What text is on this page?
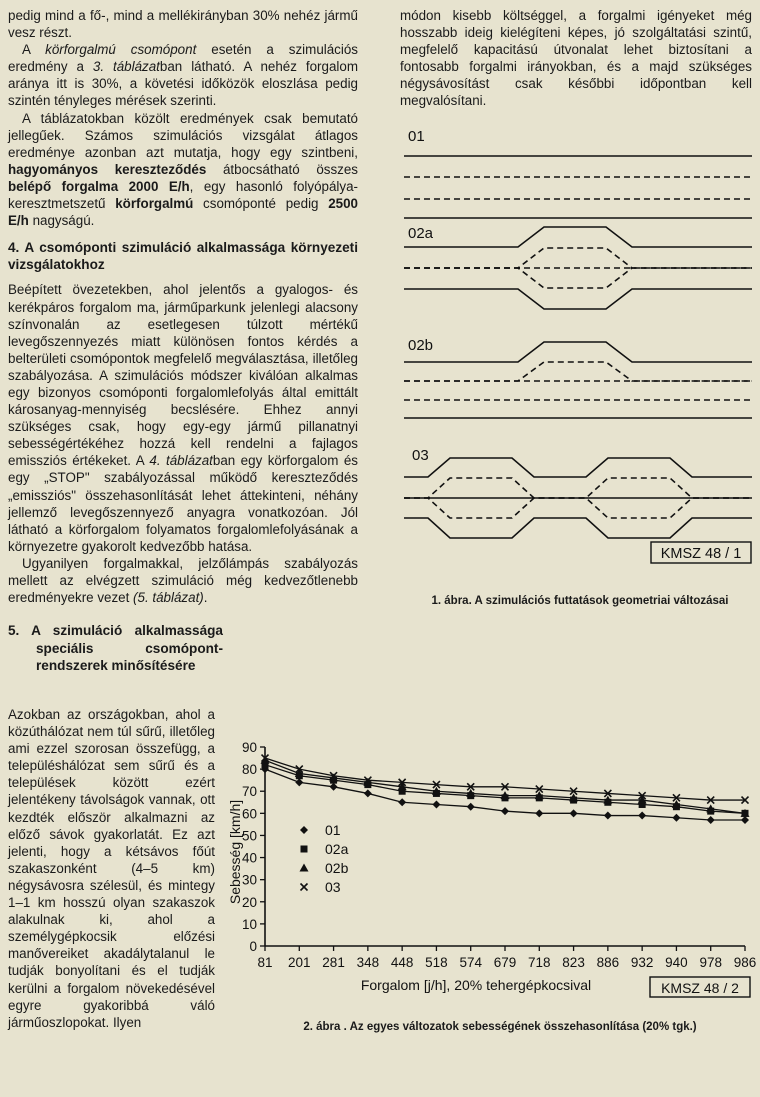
pedig mind a fő-, mind a mellékirányban 30% nehéz jármű vesz részt.

A körforgalmú csomópont esetén a szimulációs eredmény a 3. táblázatban látható. A nehéz forgalom aránya itt is 30%, a követési időközök eloszlása pedig szintén tényleges mérések szerinti.

A táblázatokban közölt eredmények csak bemutató jellegűek. Számos szimulációs vizsgálat átlagos eredménye azonban azt mutatja, hogy egy szintbeni, hagyományos kereszteződés átbocsátható összes belépő forgalma 2000 E/h, egy hasonló folyópálya-keresztmetszetű körforgalmú csomóponté pedig 2500 E/h nagyságú.

4. A csomóponti szimuláció alkalmassága környezeti vizsgálatokhoz

Beépített övezetekben, ahol jelentős a gyalogos- és kerékpáros forgalom ma, járműparkunk jelenlegi alacsony színvonalán az esetlegesen túlzott mértékű levegőszennyezés miatt különösen fontos kérdés a belterületi csomópontok megfelelő megválasztása, illetőleg szabályozása. A szimulációs módszer kiválóan alkalmas egy bizonyos csomóponti forgalomlefolyás által emittált károsanyag-mennyiség becslésére. Ehhez annyi szükséges csak, hogy egy-egy jármű pillanatnyi sebességértékéhez hozzá kell rendelni a fajlagos emissziós értékeket. A 4. táblázatban egy körforgalom és egy „STOP" szabályozással működő kereszteződés „emissziós" összehasonlítását lehet áttekinteni, néhány jellemző levegőszennyező anyagra vonatkozóan. Jól látható a körforgalom folyamatos forgalomlefolyásának a környezetre gyakorolt kedvezőbb hatása.

Ugyanilyen forgalmakkal, jelzőlámpás szabályozás mellett az elvégzett szimuláció még kedvezőtlenebb eredményekre vezet (5. táblázat).

5. A szimuláció alkalmassága speciális csomópont-rendszerek minősítésére

Azokban az országokban, ahol a közúthálózat nem túl sűrű, illetőleg ami ezzel szorosan összefügg, a településhálózat sem sűrű és a települések között ezért jelentékeny távolságok vannak, ott kezdték először alkalmazni az előző sávok gyakorlatát. Ez azt jelenti, hogy a kétsávos főút szakaszonként (4–5 km) négysávosra szélesül, és mintegy 1–1 km hosszú olyan szakaszok alakulnak ki, ahol a személygépkocsik előzési manővereiket akadálytalanul le tudják bonyolítani és el tudják kerülni a forgalom növekedésével egyre gyakoribbá váló járműoszlopokat. Ilyen

módon kisebb költséggel, a forgalmi igényeket még hosszabb ideig kielégíteni képes, jó szolgáltatási szintű, megfelelő kapacitású útvonalat lehet biztosítani a fontosabb forgalmi irányokban, és a majd szükséges négysávosítást csak későbbi időpontban kell megvalósítani.

01
02a
02b
03
KMSZ 48 / 1
1. ábra. A szimulációs futtatások geometriai változásai
0
10
20
30
40
50
60
70
80
90
81 201 281 348 448 518 574 679 718 823 886 932 940 978 986
01
02a
02b
03
Forgalom [j/h], 20% tehergépkocsival
Sebesség [km/h]
KMSZ 48 / 2
2. ábra . Az egyes változatok sebességének összehasonlítása (20% tgk.)
